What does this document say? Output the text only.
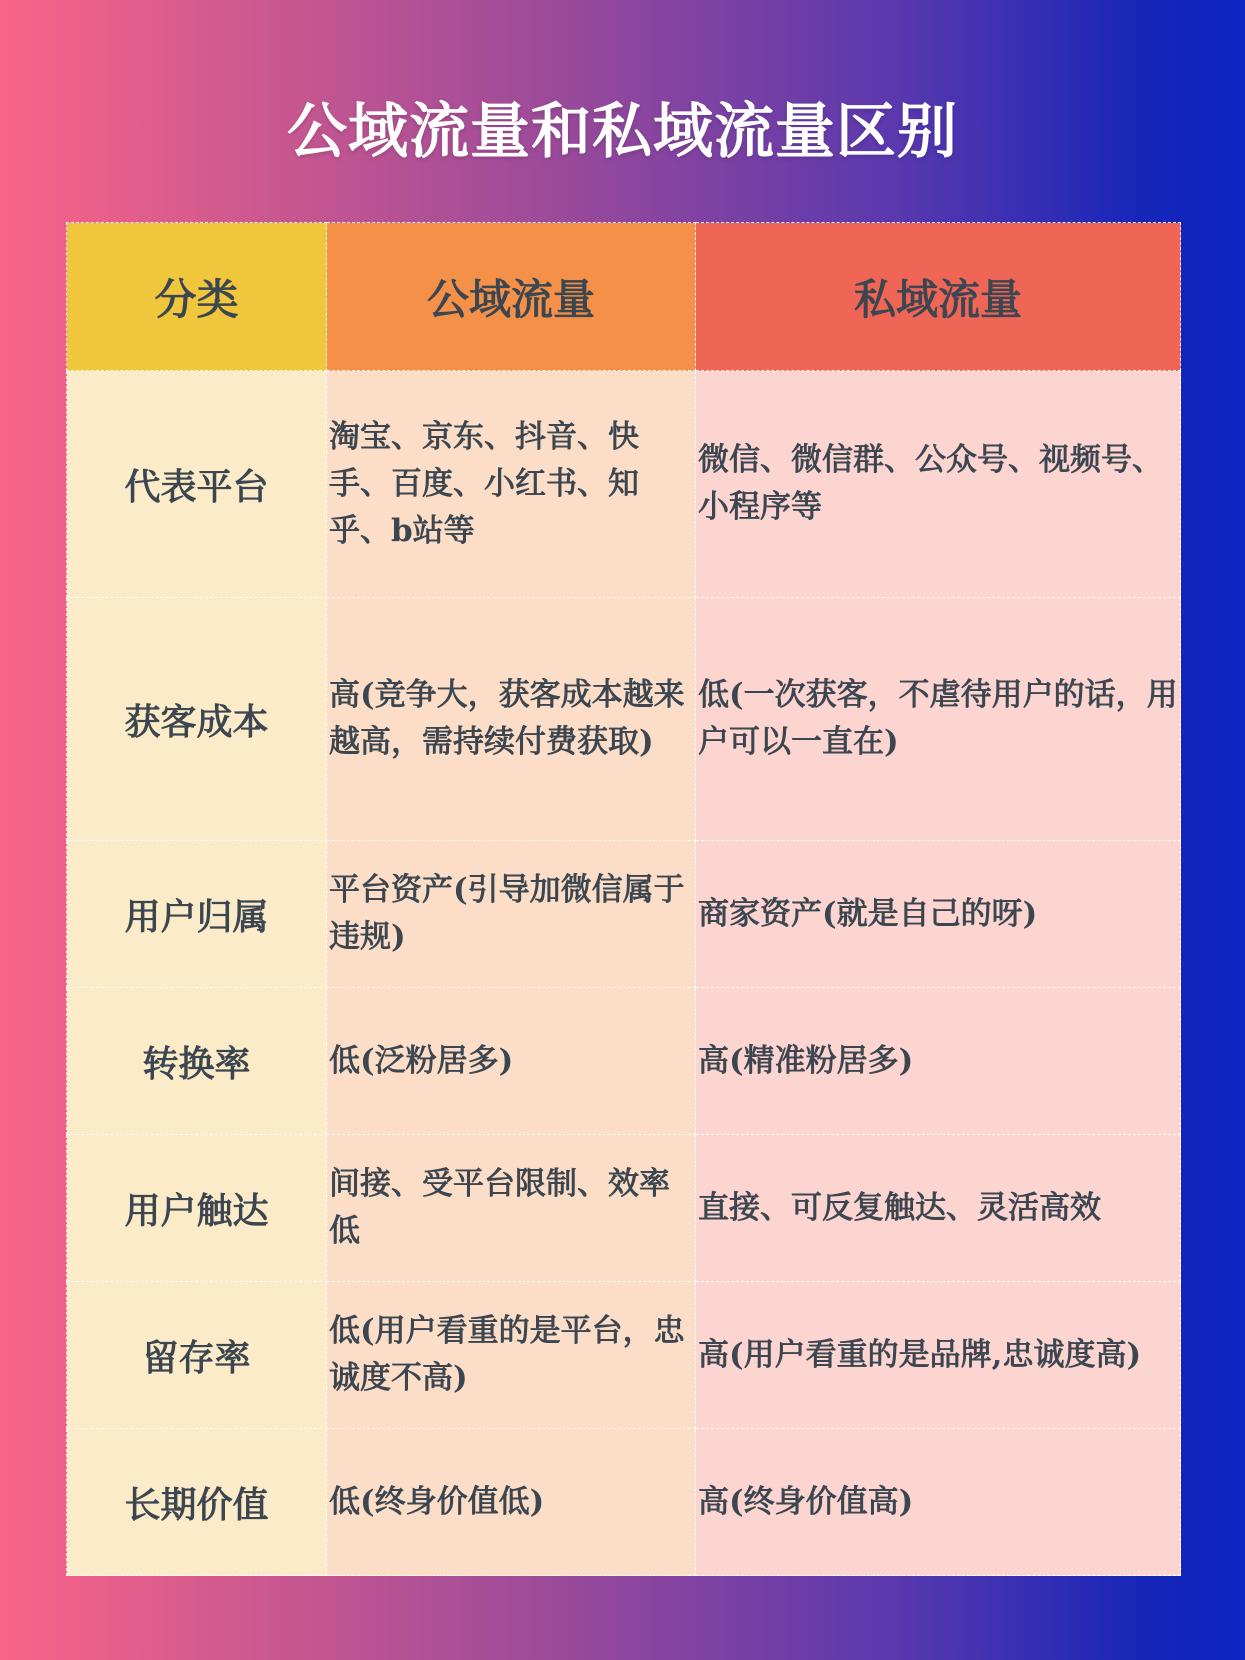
公域流量和私域流量区别
分类	公域流量	私域流量
代表平台	淘宝、京东、抖音、快手、百度、小红书、知乎、b站等	微信、微信群、公众号、视频号、小程序等

获客成本	高(竞争大，获客成本越来越高，需持续付费获取)	低(一次获客，不虐待用户的话，用户可以一直在)

用户归属	平台资产(引导加微信属于违规)	商家资产(就是自己的呀)

转换率	低(泛粉居多)	高(精准粉居多)

用户触达	间接、受平台限制、效率低	直接、可反复触达、灵活高效

留存率	低(用户看重的是平台，忠诚度不高)	高(用户看重的是品牌,忠诚度高)

长期价值	低(终身价值低)	高(终身价值高)
